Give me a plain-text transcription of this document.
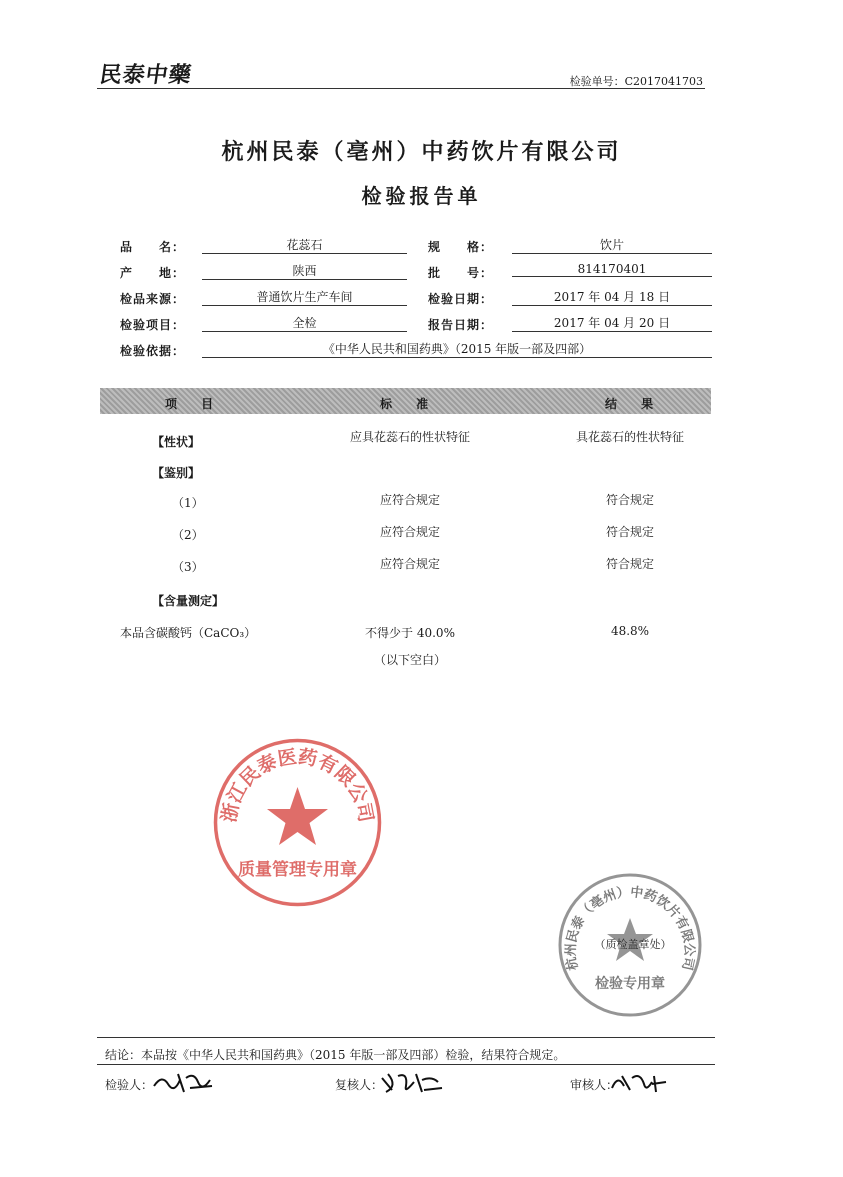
民泰中藥	检验单号：C2017041703
杭州民泰（亳州）中药饮片有限公司
检验报告单
品　　名：	花蕊石	规　　格：	饮片
产　　地：	陕西	批　　号：	814170401
检品来源：	普通饮片生产车间	检验日期：	2017 年 04 月 18 日
检验项目：	全检	报告日期：	2017 年 04 月 20 日
检验依据：	《中华人民共和国药典》（2015 年版一部及四部）
项 目	标 准	结 果
【性状】	应具花蕊石的性状特征	具花蕊石的性状特征
【鉴别】
（1）	应符合规定	符合规定
（2）	应符合规定	符合规定
（3）	应符合规定	符合规定
【含量测定】
本品含碳酸钙（CaCO₃）	不得少于 40.0%	48.8%
（以下空白）
浙江民泰医药有限公司
质量管理专用章
杭州民泰（亳州）中药饮片有限公司
（质检盖章处）
检验专用章
结论：本品按《中华人民共和国药典》（2015 年版一部及四部）检验，结果符合规定。
检验人：	复核人：	审核人：
